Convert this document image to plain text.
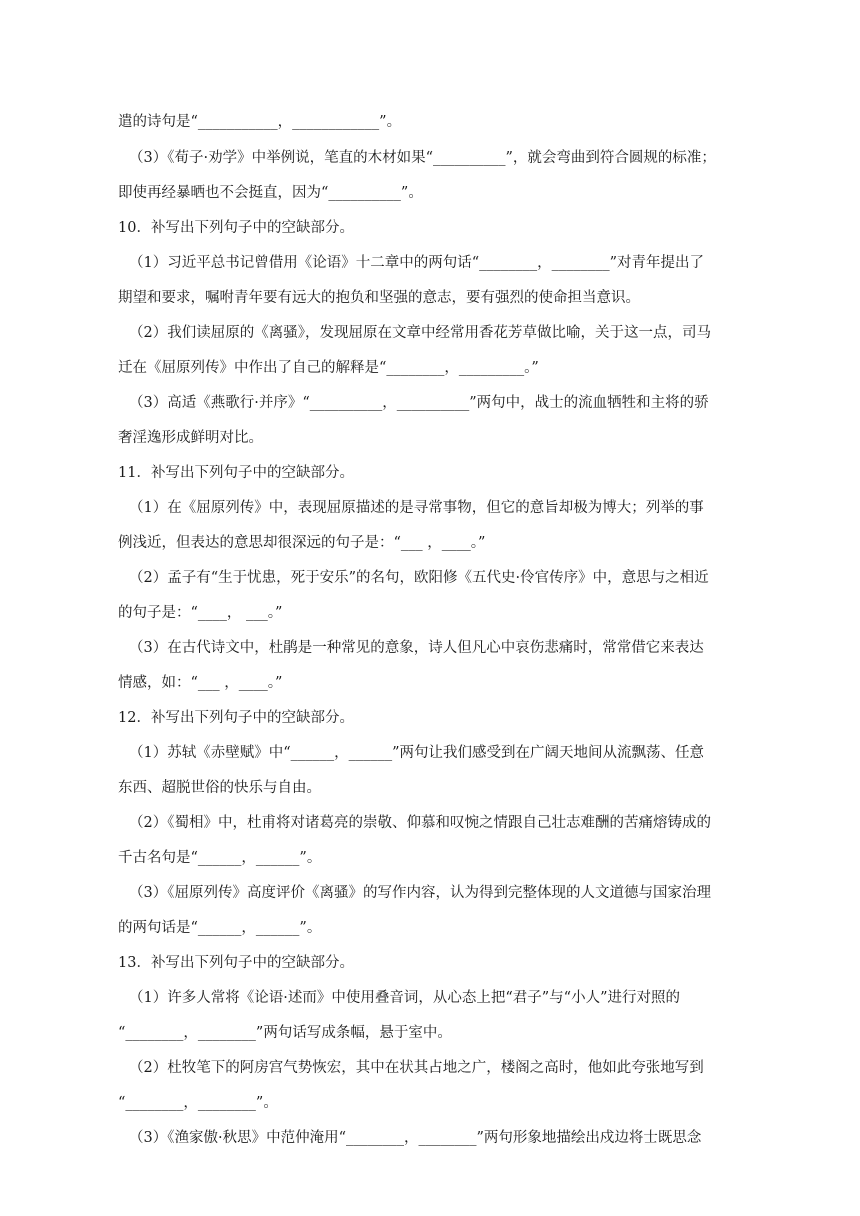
遣的诗句是“___________，____________”。
（3）《荀子·劝学》中举例说，笔直的木材如果“__________”，就会弯曲到符合圆规的标准；
即使再经暴晒也不会挺直，因为“__________”。
10．补写出下列句子中的空缺部分。
（1）习近平总书记曾借用《论语》十二章中的两句话“________，________”对青年提出了
期望和要求，嘱咐青年要有远大的抱负和坚强的意志，要有强烈的使命担当意识。
（2）我们读屈原的《离骚》，发现屈原在文章中经常用香花芳草做比喻，关于这一点，司马
迁在《屈原列传》中作出了自己的解释是“________，_________。”
（3）高适《燕歌行·并序》“__________，__________”两句中，战士的流血牺牲和主将的骄
奢淫逸形成鲜明对比。
11．补写出下列句子中的空缺部分。
（1）在《屈原列传》中，表现屈原描述的是寻常事物，但它的意旨却极为博大；列举的事
例浅近，但表达的意思却很深远的句子是：“___ ，____。”
（2）孟子有“生于忧患，死于安乐”的名句，欧阳修《五代史·伶官传序》中，意思与之相近
的句子是：“____， ___。”
（3）在古代诗文中，杜鹃是一种常见的意象，诗人但凡心中哀伤悲痛时，常常借它来表达
情感，如：“___ ，____。”
12．补写出下列句子中的空缺部分。
（1）苏轼《赤壁赋》中“______，______”两句让我们感受到在广阔天地间从流飘荡、任意
东西、超脱世俗的快乐与自由。
（2）《蜀相》中，杜甫将对诸葛亮的崇敬、仰慕和叹惋之情跟自己壮志难酬的苦痛熔铸成的
千古名句是“______，______”。
（3）《屈原列传》高度评价《离骚》的写作内容，认为得到完整体现的人文道德与国家治理
的两句话是“______，______”。
13．补写出下列句子中的空缺部分。
（1）许多人常将《论语·述而》中使用叠音词，从心态上把“君子”与“小人”进行对照的
“________，________”两句话写成条幅，悬于室中。
（2）杜牧笔下的阿房宫气势恢宏，其中在状其占地之广，楼阁之高时，他如此夸张地写到
“________，________”。
（3）《渔家傲·秋思》中范仲淹用“________，________”两句形象地描绘出戍边将士既思念
